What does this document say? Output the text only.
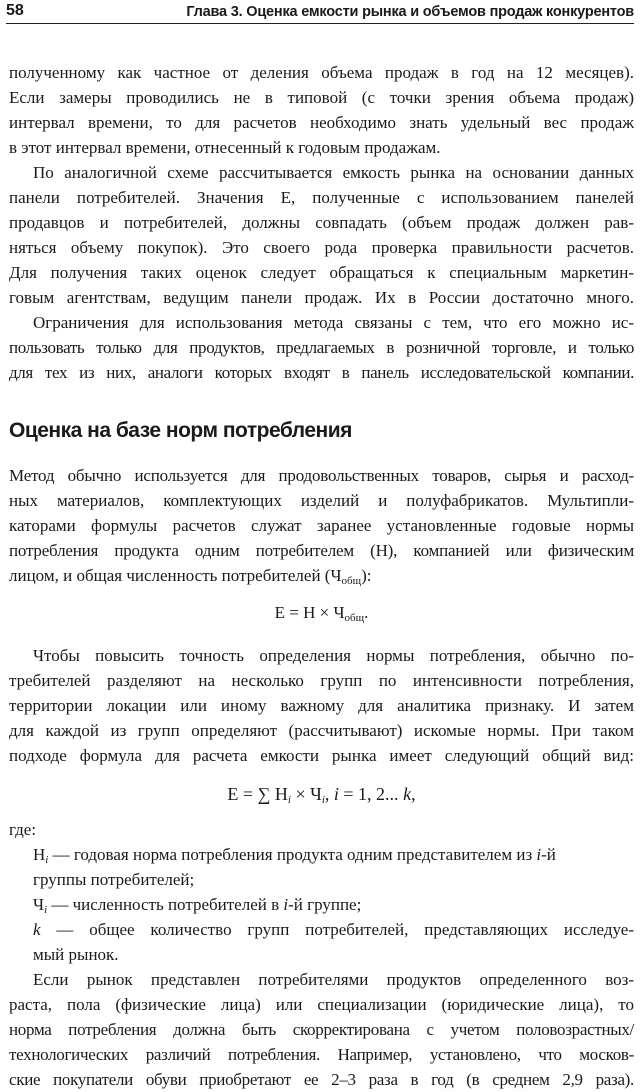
58	Глава 3. Оценка емкости рынка и объемов продаж конкурентов

полученному как частное от деления объема продаж в год на 12 месяцев).
Если замеры проводились не в типовой (с точки зрения объема продаж)
интервал времени, то для расчетов необходимо знать удельный вес продаж
в этот интервал времени, отнесенный к годовым продажам.

По аналогичной схеме рассчитывается емкость рынка на основании данных
панели потребителей. Значения Е, полученные с использованием панелей
продавцов и потребителей, должны совпадать (объем продаж должен рав-
няться объему покупок). Это своего рода проверка правильности расчетов.
Для получения таких оценок следует обращаться к специальным маркетин-
говым агентствам, ведущим панели продаж. Их в России достаточно много.

Ограничения для использования метода связаны с тем, что его можно ис-
пользовать только для продуктов, предлагаемых в розничной торговле, и только
для тех из них, аналоги которых входят в панель исследовательской компании.

Оценка на базе норм потребления

Метод обычно используется для продовольственных товаров, сырья и расход-
ных материалов, комплектующих изделий и полуфабрикатов. Мультипли-
каторами формулы расчетов служат заранее установленные годовые нормы
потребления продукта одним потребителем (Н), компанией или физическим
лицом, и общая численность потребителей $(Ч_{общ})$:

$Е = Н \times Ч_{общ}$.

Чтобы повысить точность определения нормы потребления, обычно по-
требителей разделяют на несколько групп по интенсивности потребления,
территории локации или иному важному для аналитика признаку. И затем
для каждой из групп определяют (рассчитывают) искомые нормы. При таком
подходе формула для расчета емкости рынка имеет следующий общий вид:

Е = ∑ $Н_i \times Ч_i$, i = 1, 2... k,

где:

$Н_i$ — годовая норма потребления продукта одним представителем из i-й
группы потребителей;

$Ч_i$ — численность потребителей в i-й группе;

k — общее количество групп потребителей, представляющих исследуе-
мый рынок.

Если рынок представлен потребителями продуктов определенного воз-
раста, пола (физические лица) или специализации (юридические лица), то
норма потребления должна быть скорректирована с учетом половозрастных/
технологических различий потребления. Например, установлено, что москов-
ские покупатели обуви приобретают ее 2–3 раза в год (в среднем 2,9 раза).
